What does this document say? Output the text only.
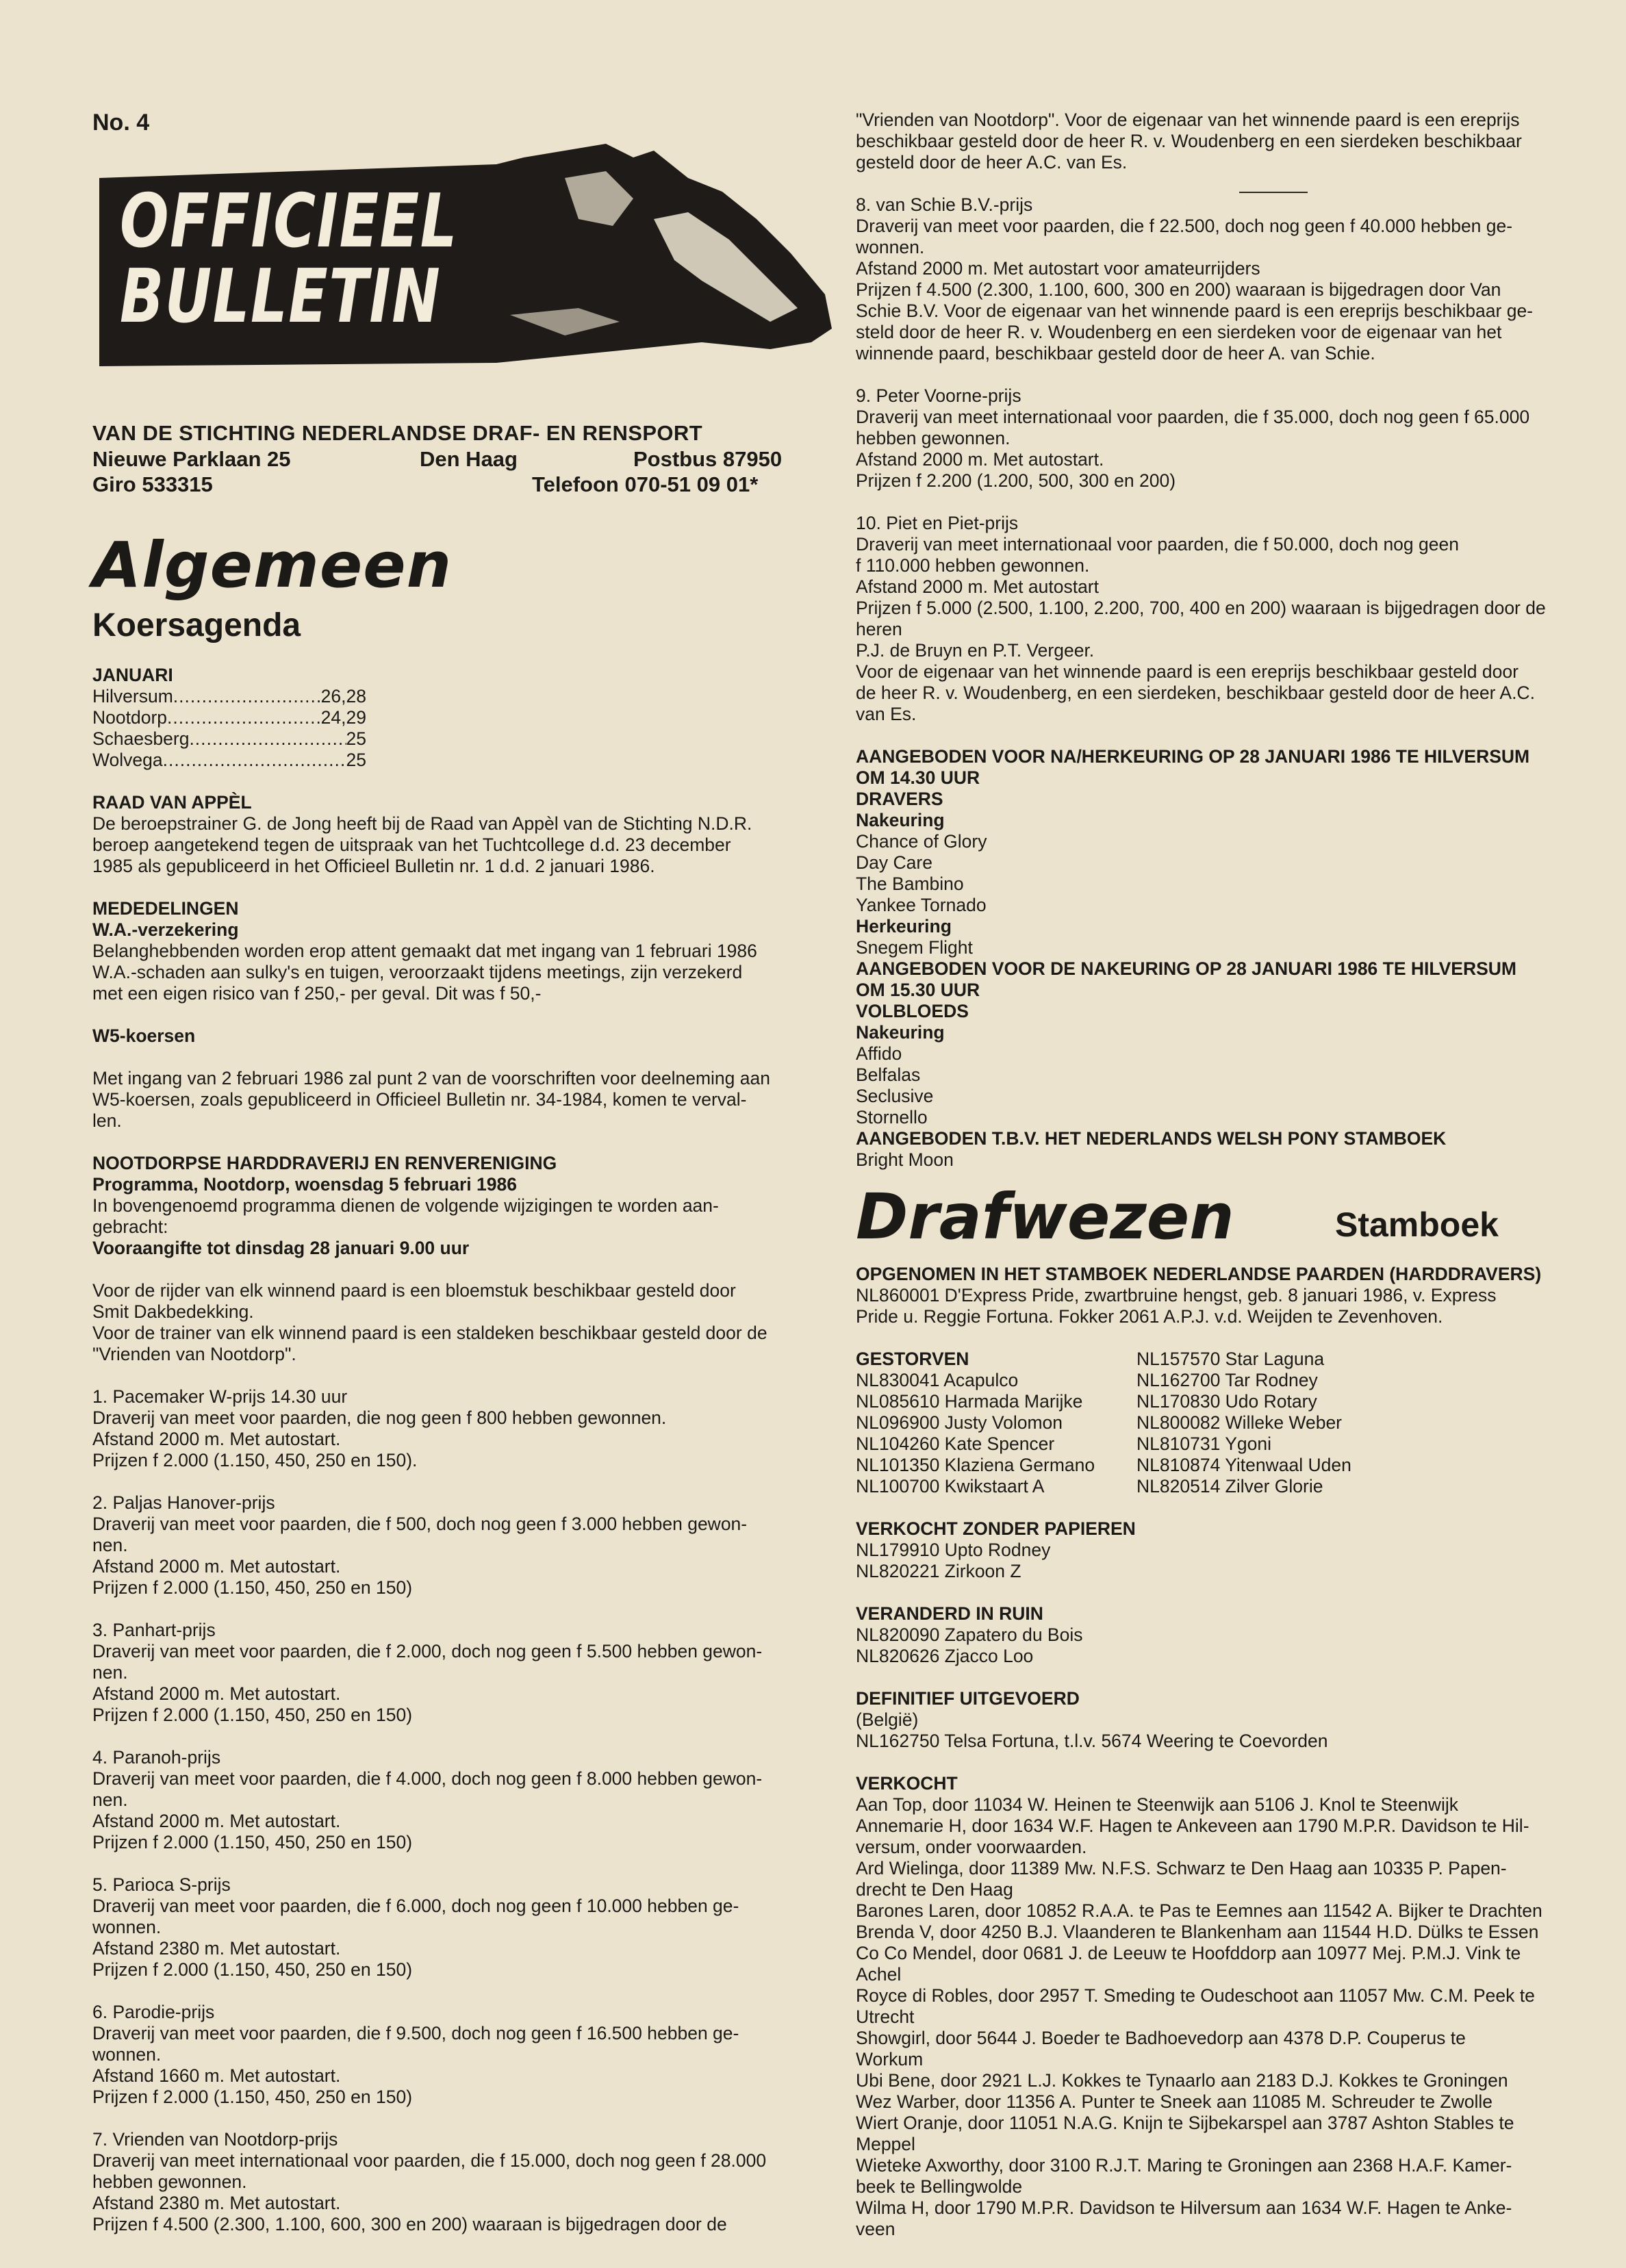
No. 4
OFFICIEEL
BULLETIN
VAN DE STICHTING NEDERLANDSE DRAF- EN RENSPORT
Nieuwe Parklaan 25	Den Haag	Postbus 87950
Giro 533315	Telefoon 070-51 09 01*
Algemeen
Koersagenda
JANUARI
Hilversum .....	26,28
Nootdorp .....	24,29
Schaesberg .....	25
Wolvega .....	25
RAAD VAN APPÈL

De beroepstrainer G. de Jong heeft bij de Raad van Appèl van de Stichting N.D.R.

beroep aangetekend tegen de uitspraak van het Tuchtcollege d.d. 23 december

1985 als gepubliceerd in het Officieel Bulletin nr. 1 d.d. 2 januari 1986.

MEDEDELINGEN
W.A.-verzekering

Belanghebbenden worden erop attent gemaakt dat met ingang van 1 februari 1986

W.A.-schaden aan sulky's en tuigen, veroorzaakt tijdens meetings, zijn verzekerd

met een eigen risico van f 250,- per geval. Dit was f 50,-

W5-koersen

Met ingang van 2 februari 1986 zal punt 2 van de voorschriften voor deelneming aan

W5-koersen, zoals gepubliceerd in Officieel Bulletin nr. 34-1984, komen te verval-

len.

NOOTDORPSE HARDDRAVERIJ EN RENVERENIGING
Programma, Nootdorp, woensdag 5 februari 1986

In bovengenoemd programma dienen de volgende wijzigingen te worden aan-

gebracht:

Vooraangifte tot dinsdag 28 januari 9.00 uur

Voor de rijder van elk winnend paard is een bloemstuk beschikbaar gesteld door

Smit Dakbedekking.

Voor de trainer van elk winnend paard is een staldeken beschikbaar gesteld door de

"Vrienden van Nootdorp".

1. Pacemaker W-prijs 14.30 uur

Draverij van meet voor paarden, die nog geen f 800 hebben gewonnen.

Afstand 2000 m. Met autostart.

Prijzen f 2.000 (1.150, 450, 250 en 150).

2. Paljas Hanover-prijs

Draverij van meet voor paarden, die f 500, doch nog geen f 3.000 hebben gewon-

nen.

Afstand 2000 m. Met autostart.

Prijzen f 2.000 (1.150, 450, 250 en 150)

3. Panhart-prijs

Draverij van meet voor paarden, die f 2.000, doch nog geen f 5.500 hebben gewon-

nen.

Afstand 2000 m. Met autostart.

Prijzen f 2.000 (1.150, 450, 250 en 150)

4. Paranoh-prijs

Draverij van meet voor paarden, die f 4.000, doch nog geen f 8.000 hebben gewon-

nen.

Afstand 2000 m. Met autostart.

Prijzen f 2.000 (1.150, 450, 250 en 150)

5. Parioca S-prijs

Draverij van meet voor paarden, die f 6.000, doch nog geen f 10.000 hebben ge-

wonnen.

Afstand 2380 m. Met autostart.

Prijzen f 2.000 (1.150, 450, 250 en 150)

6. Parodie-prijs

Draverij van meet voor paarden, die f 9.500, doch nog geen f 16.500 hebben ge-

wonnen.

Afstand 1660 m. Met autostart.

Prijzen f 2.000 (1.150, 450, 250 en 150)

7. Vrienden van Nootdorp-prijs

Draverij van meet internationaal voor paarden, die f 15.000, doch nog geen f 28.000

hebben gewonnen.

Afstand 2380 m. Met autostart.

Prijzen f 4.500 (2.300, 1.100, 600, 300 en 200) waaraan is bijgedragen door de

"Vrienden van Nootdorp". Voor de eigenaar van het winnende paard is een ereprijs

beschikbaar gesteld door de heer R. v. Woudenberg en een sierdeken beschikbaar

gesteld door de heer A.C. van Es.

8. van Schie B.V.-prijs

Draverij van meet voor paarden, die f 22.500, doch nog geen f 40.000 hebben ge-

wonnen.

Afstand 2000 m. Met autostart voor amateurrijders

Prijzen f 4.500 (2.300, 1.100, 600, 300 en 200) waaraan is bijgedragen door Van

Schie B.V. Voor de eigenaar van het winnende paard is een ereprijs beschikbaar ge-

steld door de heer R. v. Woudenberg en een sierdeken voor de eigenaar van het

winnende paard, beschikbaar gesteld door de heer A. van Schie.

9. Peter Voorne-prijs

Draverij van meet internationaal voor paarden, die f 35.000, doch nog geen f 65.000

hebben gewonnen.

Afstand 2000 m. Met autostart.

Prijzen f 2.200 (1.200, 500, 300 en 200)

10. Piet en Piet-prijs

Draverij van meet internationaal voor paarden, die f 50.000, doch nog geen

f 110.000 hebben gewonnen.

Afstand 2000 m. Met autostart

Prijzen f 5.000 (2.500, 1.100, 2.200, 700, 400 en 200) waaraan is bijgedragen door de heren

P.J. de Bruyn en P.T. Vergeer.

Voor de eigenaar van het winnende paard is een ereprijs beschikbaar gesteld door

de heer R. v. Woudenberg, en een sierdeken, beschikbaar gesteld door de heer A.C.

van Es.

AANGEBODEN VOOR NA/HERKEURING OP 28 JANUARI 1986 TE HILVERSUM
OM 14.30 UUR
DRAVERS
Nakeuring

Chance of Glory

Day Care

The Bambino

Yankee Tornado

Herkeuring

Snegem Flight

AANGEBODEN VOOR DE NAKEURING OP 28 JANUARI 1986 TE HILVERSUM
OM 15.30 UUR
VOLBLOEDS
Nakeuring

Affido

Belfalas

Seclusive

Stornello

AANGEBODEN T.B.V. HET NEDERLANDS WELSH PONY STAMBOEK

Bright Moon

Drafwezen	Stamboek
OPGENOMEN IN HET STAMBOEK NEDERLANDSE PAARDEN (HARDDRAVERS)

NL860001 D'Express Pride, zwartbruine hengst, geb. 8 januari 1986, v. Express

Pride u. Reggie Fortuna. Fokker 2061 A.P.J. v.d. Weijden te Zevenhoven.

GESTORVEN
NL830041 Acapulco
NL085610 Harmada Marijke
NL096900 Justy Volomon
NL104260 Kate Spencer
NL101350 Klaziena Germano
NL100700 Kwikstaart A
NL157570 Star Laguna
NL162700 Tar Rodney
NL170830 Udo Rotary
NL800082 Willeke Weber
NL810731 Ygoni
NL810874 Yitenwaal Uden
NL820514 Zilver Glorie
VERKOCHT ZONDER PAPIEREN
NL179910 Upto Rodney
NL820221 Zirkoon Z
VERANDERD IN RUIN
NL820090 Zapatero du Bois
NL820626 Zjacco Loo
DEFINITIEF UITGEVOERD
(België)
NL162750 Telsa Fortuna, t.l.v. 5674 Weering te Coevorden
VERKOCHT
Aan Top, door 11034 W. Heinen te Steenwijk aan 5106 J. Knol te Steenwijk
Annemarie H, door 1634 W.F. Hagen te Ankeveen aan 1790 M.P.R. Davidson te Hil-
versum, onder voorwaarden.
Ard Wielinga, door 11389 Mw. N.F.S. Schwarz te Den Haag aan 10335 P. Papen-
drecht te Den Haag
Barones Laren, door 10852 R.A.A. te Pas te Eemnes aan 11542 A. Bijker te Drachten
Brenda V, door 4250 B.J. Vlaanderen te Blankenham aan 11544 H.D. Dülks te Essen
Co Co Mendel, door 0681 J. de Leeuw te Hoofddorp aan 10977 Mej. P.M.J. Vink te
Achel
Royce di Robles, door 2957 T. Smeding te Oudeschoot aan 11057 Mw. C.M. Peek te
Utrecht
Showgirl, door 5644 J. Boeder te Badhoevedorp aan 4378 D.P. Couperus te
Workum
Ubi Bene, door 2921 L.J. Kokkes te Tynaarlo aan 2183 D.J. Kokkes te Groningen
Wez Warber, door 11356 A. Punter te Sneek aan 11085 M. Schreuder te Zwolle
Wiert Oranje, door 11051 N.A.G. Knijn te Sijbekarspel aan 3787 Ashton Stables te
Meppel
Wieteke Axworthy, door 3100 R.J.T. Maring te Groningen aan 2368 H.A.F. Kamer-
beek te Bellingwolde
Wilma H, door 1790 M.P.R. Davidson te Hilversum aan 1634 W.F. Hagen te Anke-
veen
